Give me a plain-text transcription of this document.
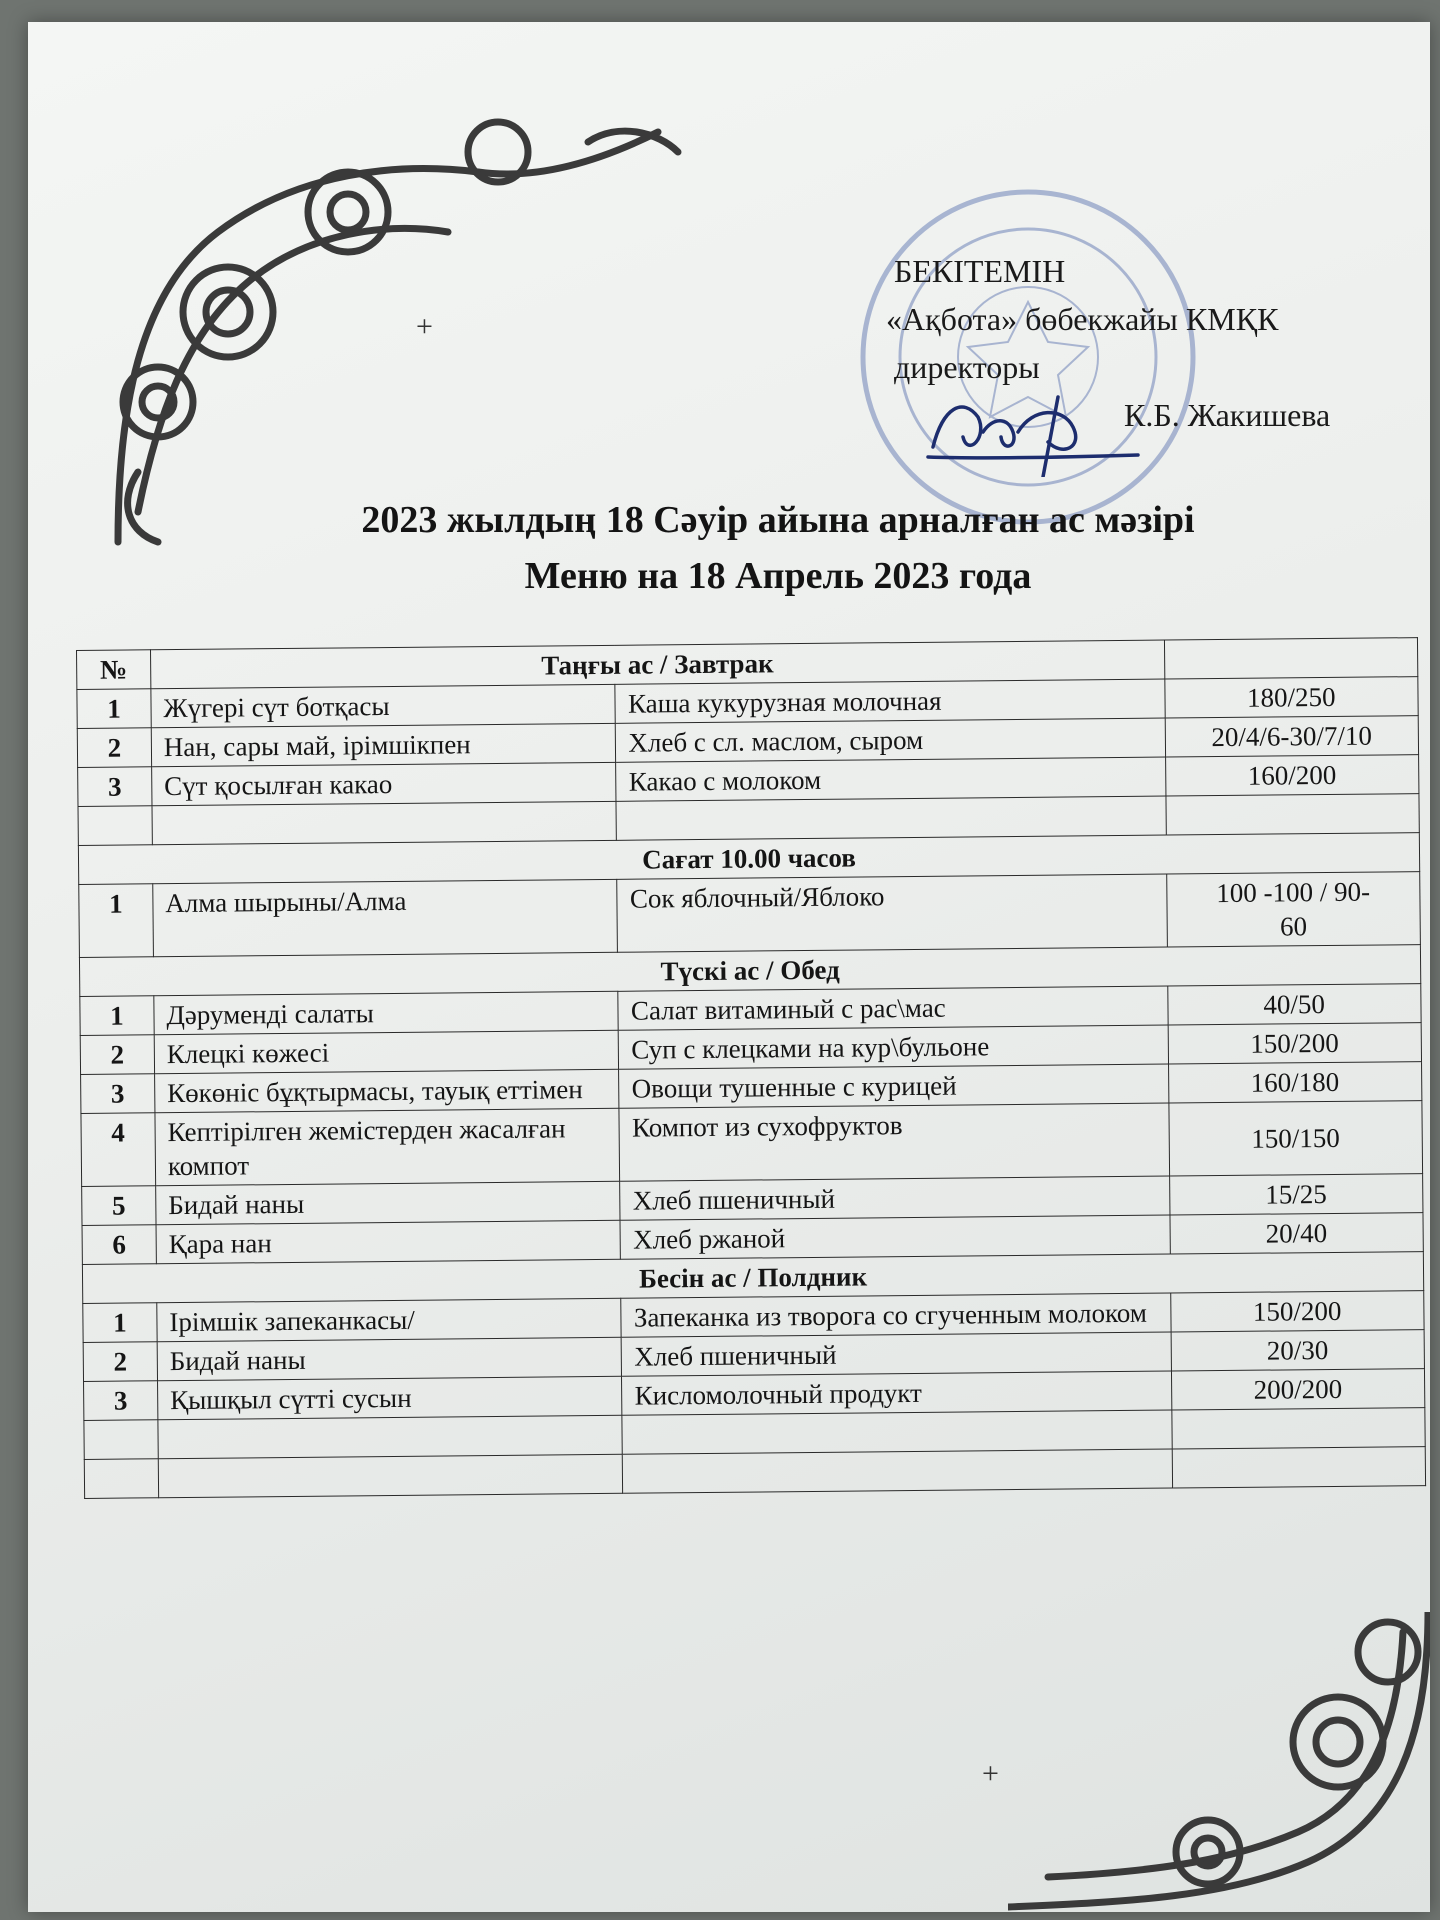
+
БЕКІТЕМІН
«Ақбота» бөбекжайы КМҚК
директоры
К.Б. Жакишева
2023 жылдың 18 Сәуір айына арналған ас мәзірі
Меню на 18 Апрель 2023 года
№	Таңғы ас / Завтрак		
1	Жүгері сүт ботқасы	Каша кукурузная молочная	180/250
2	Нан, сары май, ірімшікпен	Хлеб с сл. маслом, сыром	20/4/6-30/7/10
3	Сүт қосылған какао	Какао с молоком	160/200

Сағат 10.00 часов			
1	Алма шырыны/Алма	Сок яблочный/Яблоко	100 -100 / 90-60
Түскі ас / Обед			
1	Дәруменді салаты	Салат витаминый с рас\мас	40/50
2	Клецкі көжесі	Суп с клецками на кур\бульоне	150/200
3	Көкөніс бұқтырмасы, тауық еттімен	Овощи тушенные с курицей	160/180
4	Кептірілген жемістерден жасалған компот	Компот из сухофруктов	150/150
5	Бидай наны	Хлеб пшеничный	15/25
6	Қара нан	Хлеб ржаной	20/40
Бесін ас / Полдник			
1	Ірімшік запеканкасы/	Запеканка из творога со сгученным молоком	150/200
2	Бидай наны	Хлеб пшеничный	20/30
3	Қышқыл сүтті сусын	Кисломолочный продукт	200/200

+
